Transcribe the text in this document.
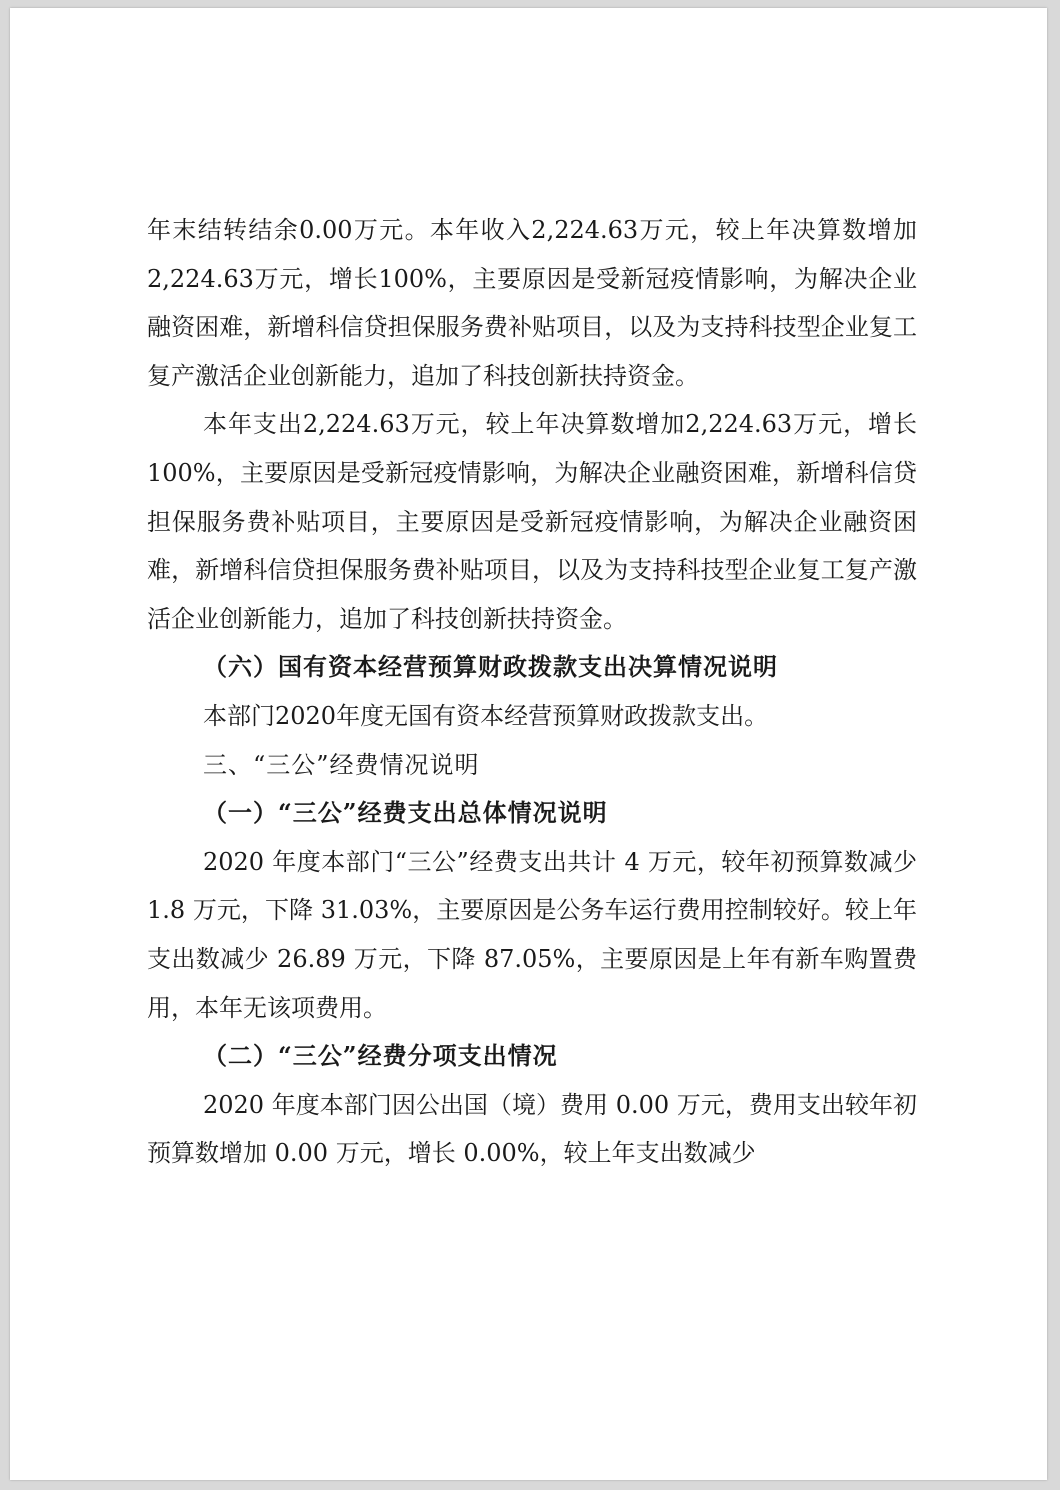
年末结转结余0.00万元。本年收入2,224.63万元，较上年决算数增加2,224.63万元，增长100%，主要原因是受新冠疫情影响，为解决企业融资困难，新增科信贷担保服务费补贴项目，以及为支持科技型企业复工复产激活企业创新能力，追加了科技创新扶持资金。

本年支出2,224.63万元，较上年决算数增加2,224.63万元，增长100%，主要原因是受新冠疫情影响，为解决企业融资困难，新增科信贷担保服务费补贴项目，主要原因是受新冠疫情影响，为解决企业融资困难，新增科信贷担保服务费补贴项目，以及为支持科技型企业复工复产激活企业创新能力，追加了科技创新扶持资金。

（六）国有资本经营预算财政拨款支出决算情况说明

本部门2020年度无国有资本经营预算财政拨款支出。

三、“三公”经费情况说明

（一）“三公”经费支出总体情况说明

2020 年度本部门“三公”经费支出共计 4 万元，较年初预算数减少 1.8 万元，下降 31.03%，主要原因是公务车运行费用控制较好。较上年支出数减少 26.89 万元，下降 87.05%，主要原因是上年有新车购置费用，本年无该项费用。

（二）“三公”经费分项支出情况

2020 年度本部门因公出国（境）费用 0.00 万元，费用支出较年初预算数增加 0.00 万元，增长 0.00%，较上年支出数减少
